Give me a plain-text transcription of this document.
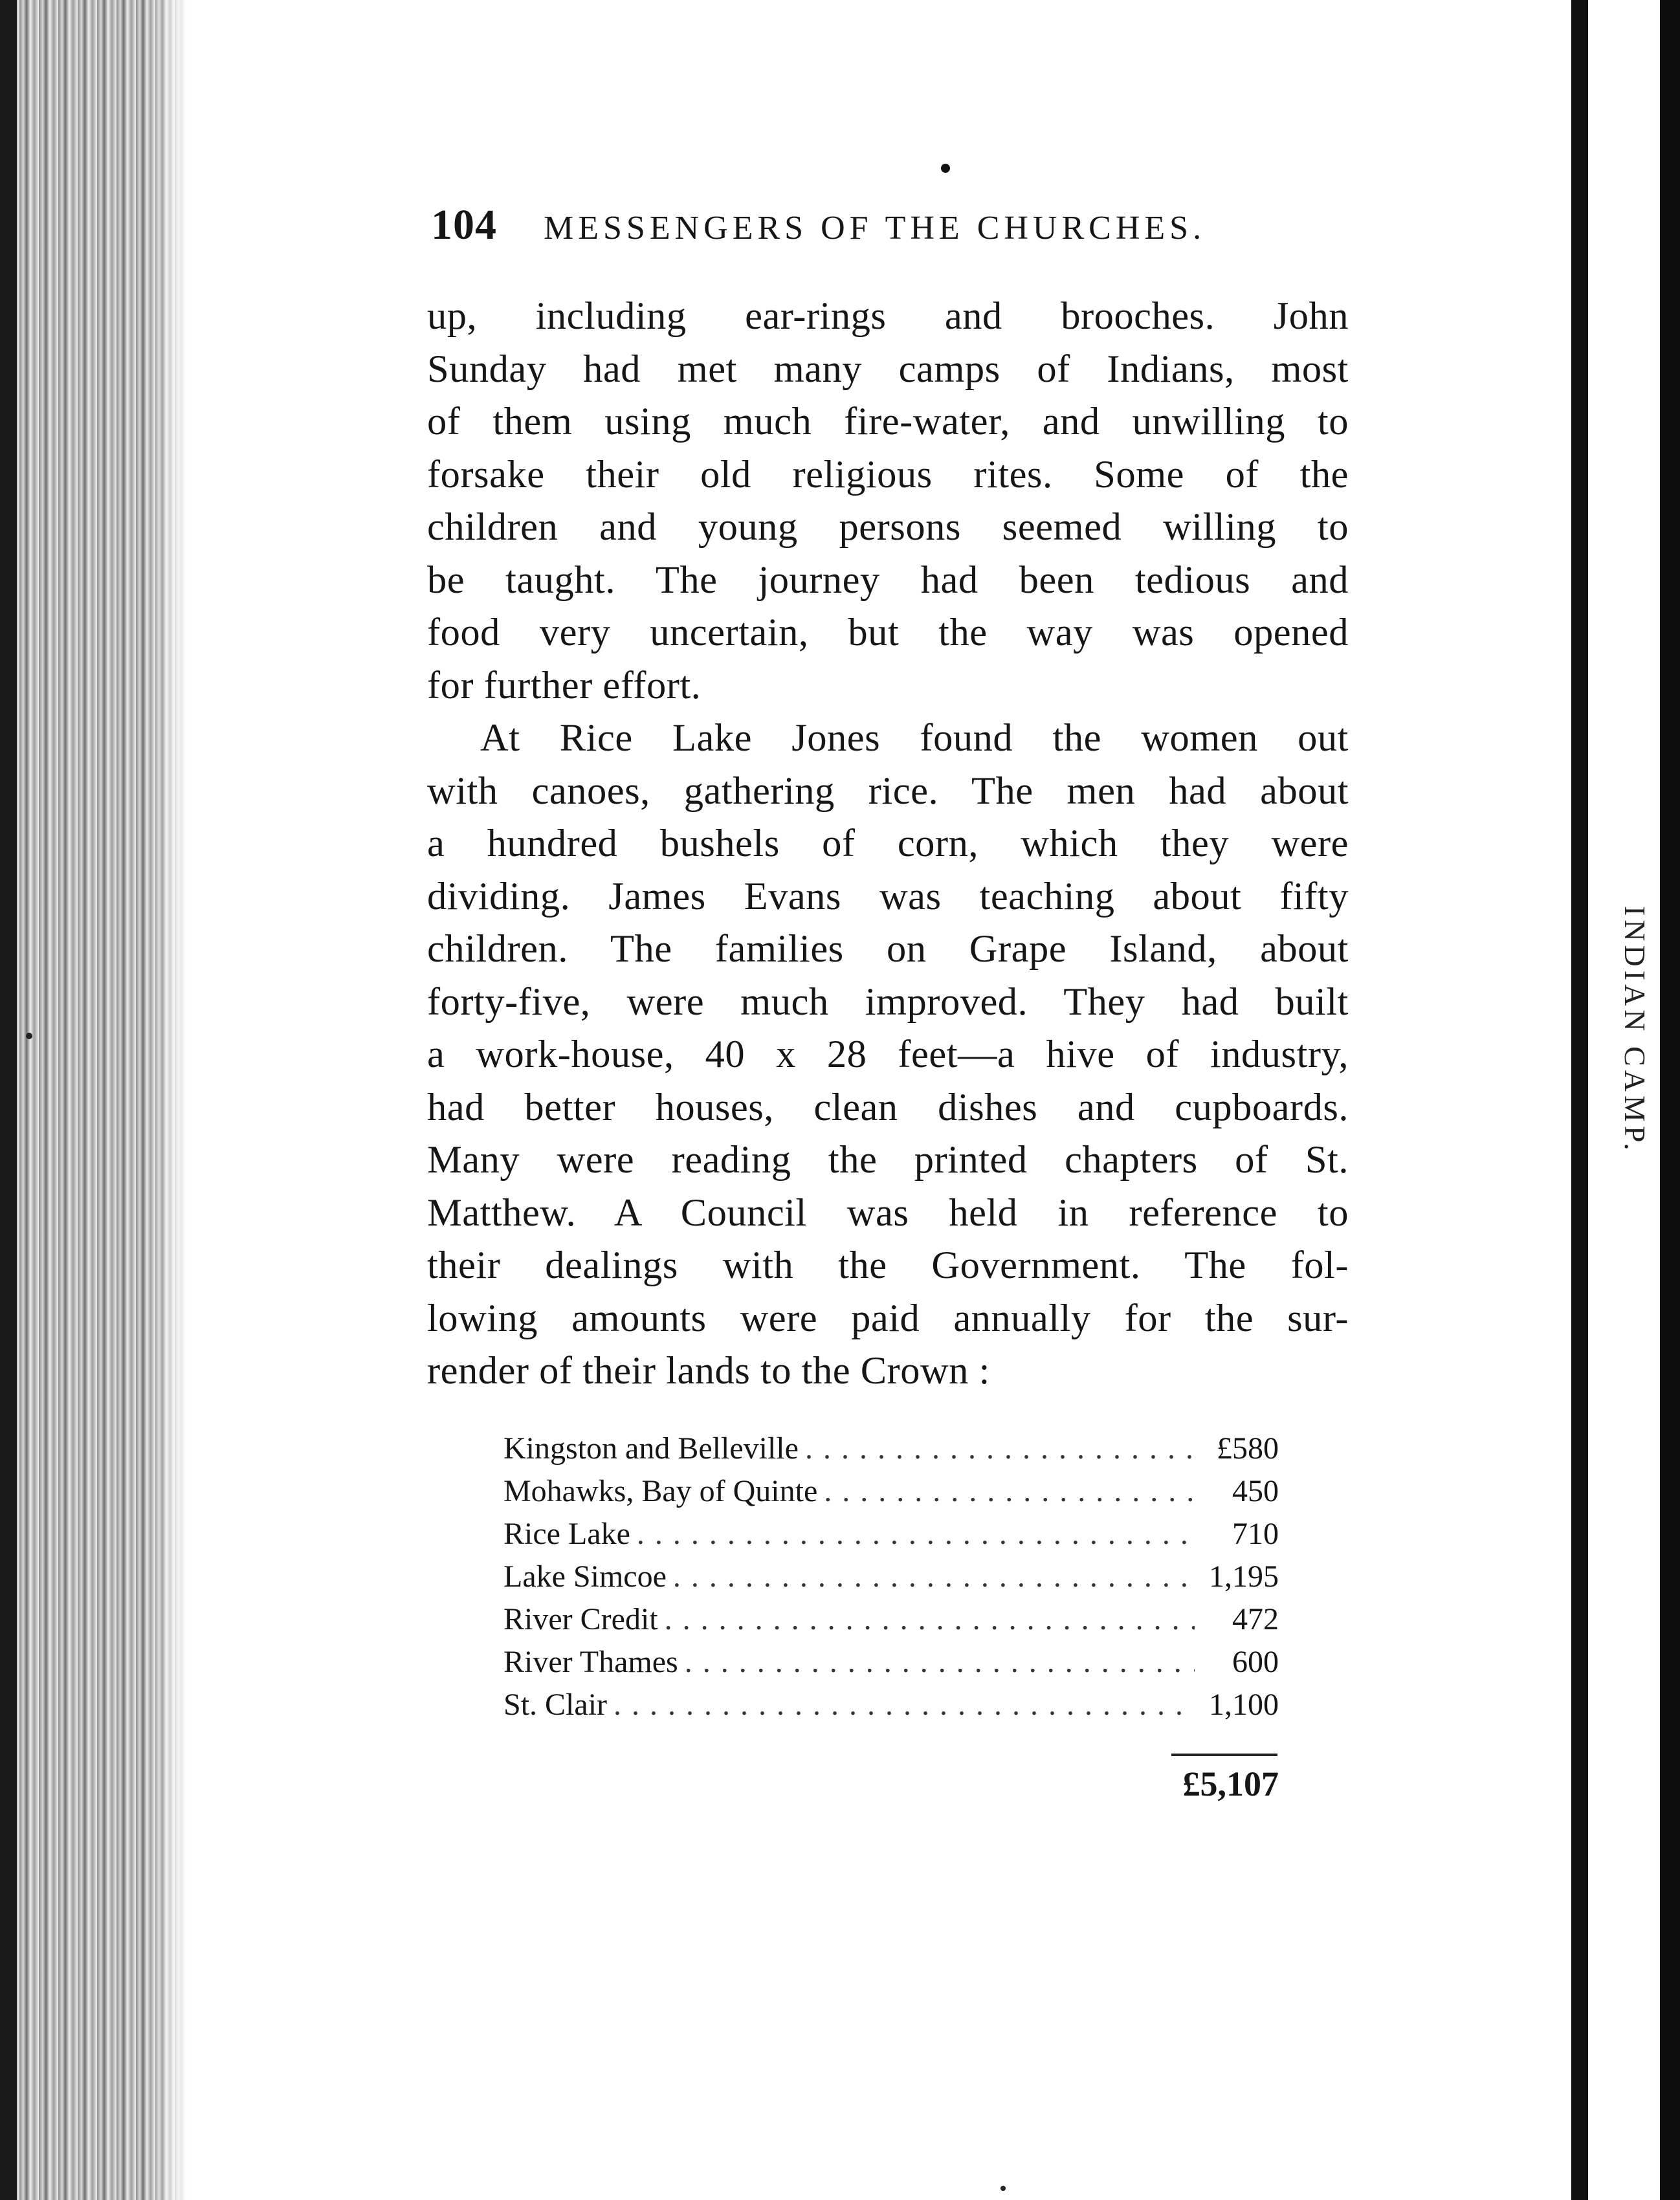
INDIAN CAMP.
104 MESSENGERS OF THE CHURCHES.
up, including ear-rings and brooches. John
Sunday had met many camps of Indians, most
of them using much fire-water, and unwilling to
forsake their old religious rites. Some of the
children and young persons seemed willing to
be taught. The journey had been tedious and
food very uncertain, but the way was opened
for further effort.
At Rice Lake Jones found the women out
with canoes, gathering rice. The men had about
a hundred bushels of corn, which they were
dividing. James Evans was teaching about fifty
children. The families on Grape Island, about
forty-five, were much improved. They had built
a work-house, 40 x 28 feet—a hive of industry,
had better houses, clean dishes and cupboards.
Many were reading the printed chapters of St.
Matthew. A Council was held in reference to
their dealings with the Government. The fol-
lowing amounts were paid annually for the sur-
render of their lands to the Crown :
Kingston and Belleville . . .	£580
Mohawks, Bay of Quinte . . .	450
Rice Lake . . .	710
Lake Simcoe . . .	1,195
River Credit . . .	472
River Thames . . .	600
St. Clair . . .	1,100
£5,107
